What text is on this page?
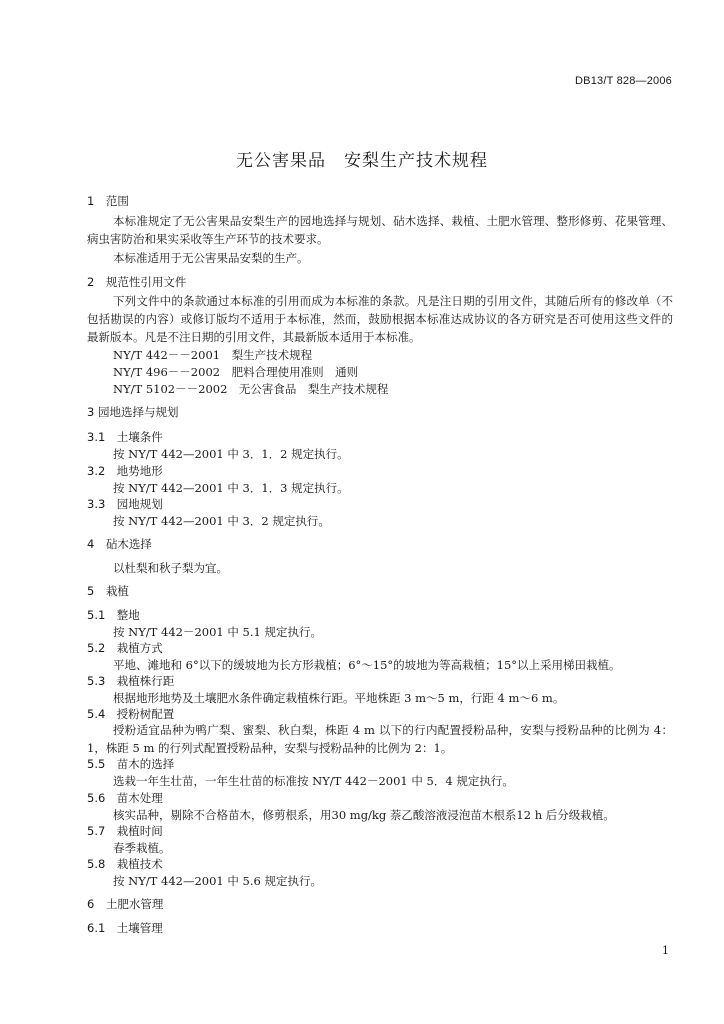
DB13/T 828—2006
无公害果品　安梨生产技术规程
1　范围
本标准规定了无公害果品安梨生产的园地选择与规划、砧木选择、栽植、土肥水管理、整形修剪、花果管理、病虫害防治和果实采收等生产环节的技术要求。
本标准适用于无公害果品安梨的生产。
2　规范性引用文件
下列文件中的条款通过本标准的引用而成为本标准的条款。凡是注日期的引用文件，其随后所有的修改单（不包括勘误的内容）或修订版均不适用于本标准，然而，鼓励根据本标准达成协议的各方研究是否可使用这些文件的最新版本。凡是不注日期的引用文件，其最新版本适用于本标准。
NY/T 442－－2001　梨生产技术规程
NY/T 496－－2002　肥料合理使用准则　通则
NY/T 5102－－2002　无公害食品　梨生产技术规程
3 园地选择与规划
3.1　土壤条件
按 NY/T 442—2001 中 3．1．2 规定执行。
3.2　地势地形
按 NY/T 442—2001 中 3．1．3 规定执行。
3.3　园地规划
按 NY/T 442—2001 中 3．2 规定执行。
4　砧木选择
以杜梨和秋子梨为宜。
5　栽植
5.1　整地
按 NY/T 442－2001 中 5.1 规定执行。
5.2　栽植方式
平地、滩地和 6°以下的缓坡地为长方形栽植；6°～15°的坡地为等高栽植；15°以上采用梯田栽植。
5.3　栽植株行距
根据地形地势及土壤肥水条件确定栽植株行距。平地株距 3 m～5 m，行距 4 m～6 m。
5.4　授粉树配置
授粉适宜品种为鸭广梨、蜜梨、秋白梨，株距 4 m 以下的行内配置授粉品种，安梨与授粉品种的比例为 4：1，株距 5 m 的行列式配置授粉品种，安梨与授粉品种的比例为 2：1。
5.5　苗木的选择
选栽一年生壮苗，一年生壮苗的标准按 NY/T 442－2001 中 5．4 规定执行。
5.6　苗木处理
核实品种，剔除不合格苗木，修剪根系，用30 mg/kg 萘乙酸溶液浸泡苗木根系12 h 后分级栽植。
5.7　栽植时间
春季栽植。
5.8　栽植技术
按 NY/T 442—2001 中 5.6 规定执行。
6　土肥水管理
6.1　土壤管理
1
